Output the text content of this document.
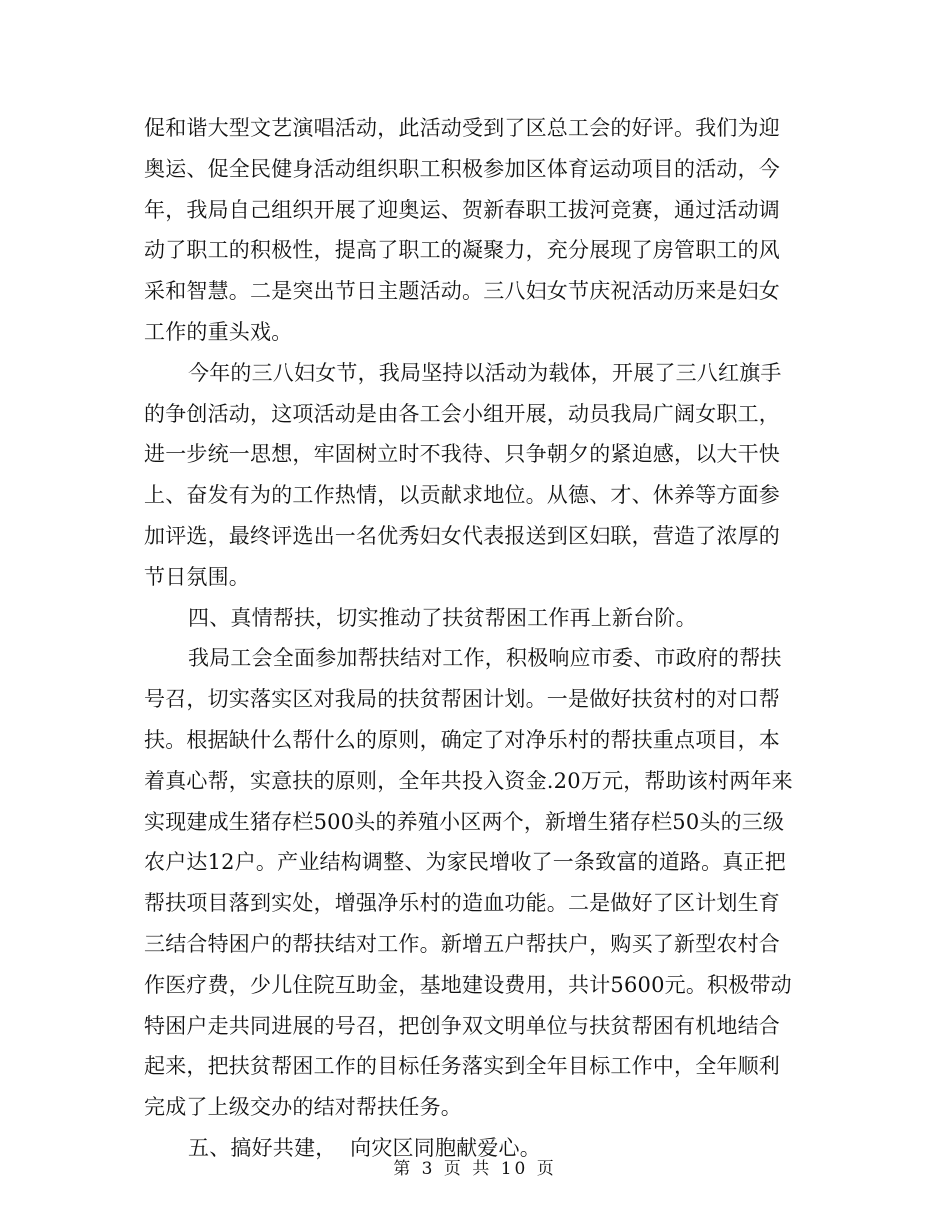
促和谐大型文艺演唱活动，此活动受到了区总工会的好评。我们为迎
奥运、促全民健身活动组织职工积极参加区体育运动项目的活动，今
年，我局自己组织开展了迎奥运、贺新春职工拔河竞赛，通过活动调
动了职工的积极性，提高了职工的凝聚力，充分展现了房管职工的风
采和智慧。二是突出节日主题活动。三八妇女节庆祝活动历来是妇女
工作的重头戏。
今年的三八妇女节，我局坚持以活动为载体，开展了三八红旗手
的争创活动，这项活动是由各工会小组开展，动员我局广阔女职工，
进一步统一思想，牢固树立时不我待、只争朝夕的紧迫感，以大干快
上、奋发有为的工作热情，以贡献求地位。从德、才、休养等方面参
加评选，最终评选出一名优秀妇女代表报送到区妇联，营造了浓厚的
节日氛围。
四、真情帮扶，切实推动了扶贫帮困工作再上新台阶。
我局工会全面参加帮扶结对工作，积极响应市委、市政府的帮扶
号召，切实落实区对我局的扶贫帮困计划。一是做好扶贫村的对口帮
扶。根据缺什么帮什么的原则，确定了对净乐村的帮扶重点项目，本
着真心帮，实意扶的原则，全年共投入资金.20万元，帮助该村两年来
实现建成生猪存栏500头的养殖小区两个，新增生猪存栏50头的三级
农户达12户。产业结构调整、为家民增收了一条致富的道路。真正把
帮扶项目落到实处，增强净乐村的造血功能。二是做好了区计划生育
三结合特困户的帮扶结对工作。新增五户帮扶户，购买了新型农村合
作医疗费，少儿住院互助金，基地建设费用，共计5600元。积极带动
特困户走共同进展的号召，把创争双文明单位与扶贫帮困有机地结合
起来，把扶贫帮困工作的目标任务落实到全年目标工作中，全年顺利
完成了上级交办的结对帮扶任务。
五、搞好共建，  向灾区同胞献爱心。
第 3 页 共 10 页
